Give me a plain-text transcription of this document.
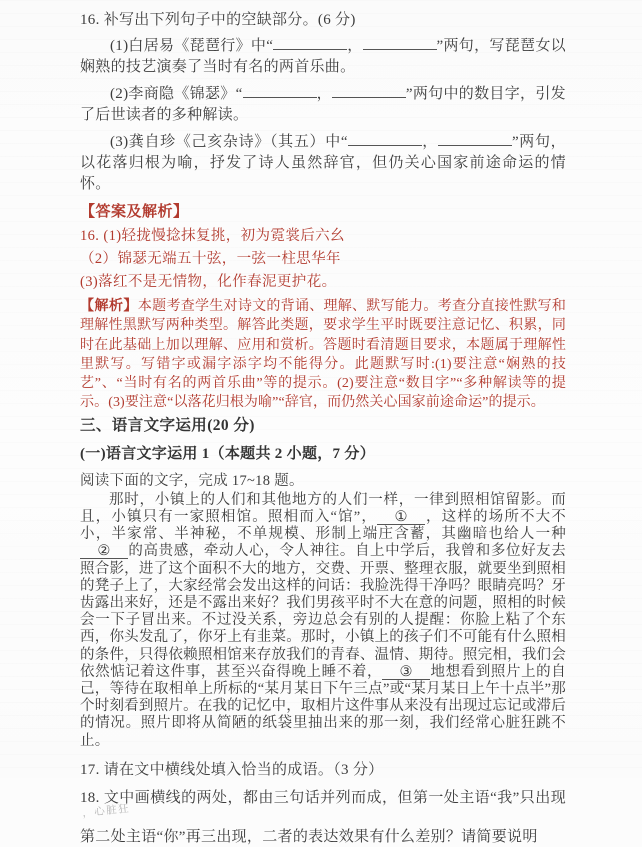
16. 补写出下列句子中的空缺部分。(6 分)

(1)白居易《琵琶行》中“	，	”两句，写琵琶女以娴熟的技艺演奏了当时有名的两首乐曲。

(2)李商隐《锦瑟》“	，	”两句中的数目字，引发了后世读者的多种解读。

(3)龚自珍《己亥杂诗》（其五）中“	，	”两句，以花落归根为喻，抒发了诗人虽然辞官，但仍关心国家前途命运的情怀。

【答案及解析】

16. (1)轻拢慢捻抹复挑，初为霓裳后六幺

（2）锦瑟无端五十弦，一弦一柱思华年

(3)落红不是无情物，化作春泥更护花。

【解析】本题考查学生对诗文的背诵、理解、默写能力。考查分直接性默写和理解性黑默写两种类型。解答此类题，要求学生平时既要注意记忆、积累，同时在此基础上加以理解、应用和赏析。答题时看清题目要求，本题属于理解性里默写。写错字或漏字添字均不能得分。此题默写时:(1)要注意“娴熟的技艺”、“当时有名的两首乐曲”等的提示。(2)要注意“数目字”“多种解读等的提示。(3)要注意“以落花归根为喻”“辞官，而仍然关心国家前途命运”的提示。

三、语言文字运用(20 分)

(一)语言文字运用 1（本题共 2 小题，7 分）

阅读下面的文字，完成 17~18 题。

那时，小镇上的人们和其他地方的人们一样，一律到照相馆留影。而且，小镇只有一家照相馆。照相而入“馆”， ① ，这样的场所不大不小，半家常、半神秘，不单规模、形制上端庄含蓄，其幽暗也给人一种② 的高贵感，牵动人心，令人神往。自上中学后，我曾和多位好友去照合影，进了这个面积不大的地方，交费、开票、整理衣服，就要坐到照相的凳子上了，大家经常会发出这样的问话：我脸洗得干净吗？眼睛亮吗？牙齿露出来好，还是不露出来好？我们男孩平时不大在意的问题，照相的时候会一下子冒出来。不过没关系，旁边总会有别的人提醒：你脸上粘了个东西，你头发乱了，你牙上有韭菜。那时，小镇上的孩子们不可能有什么照相的条件，只得依赖照相馆来存放我们的青春、温情、期待。照完相，我们会依然惦记着这件事，甚至兴奋得晚上睡不着， ③ 地想看到照片上的自己，等待在取相单上所标的“某月某日下午三点”或“某月某日上午十点半”那个时刻看到照片。在我的记忆中，取相片这件事从来没有出现过忘记或滞后的情况。照片即将从简陋的纸袋里抽出来的那一刻，我们经常心脏狂跳不止。

17. 请在文中横线处填入恰当的成语。（3 分）

18. 文中画横线的两处，都由三句话并列而成，但第一处主语“我”只出现，心脏狂
第二处主语“你”再三出现，二者的表达效果有什么差别？请简要说明
